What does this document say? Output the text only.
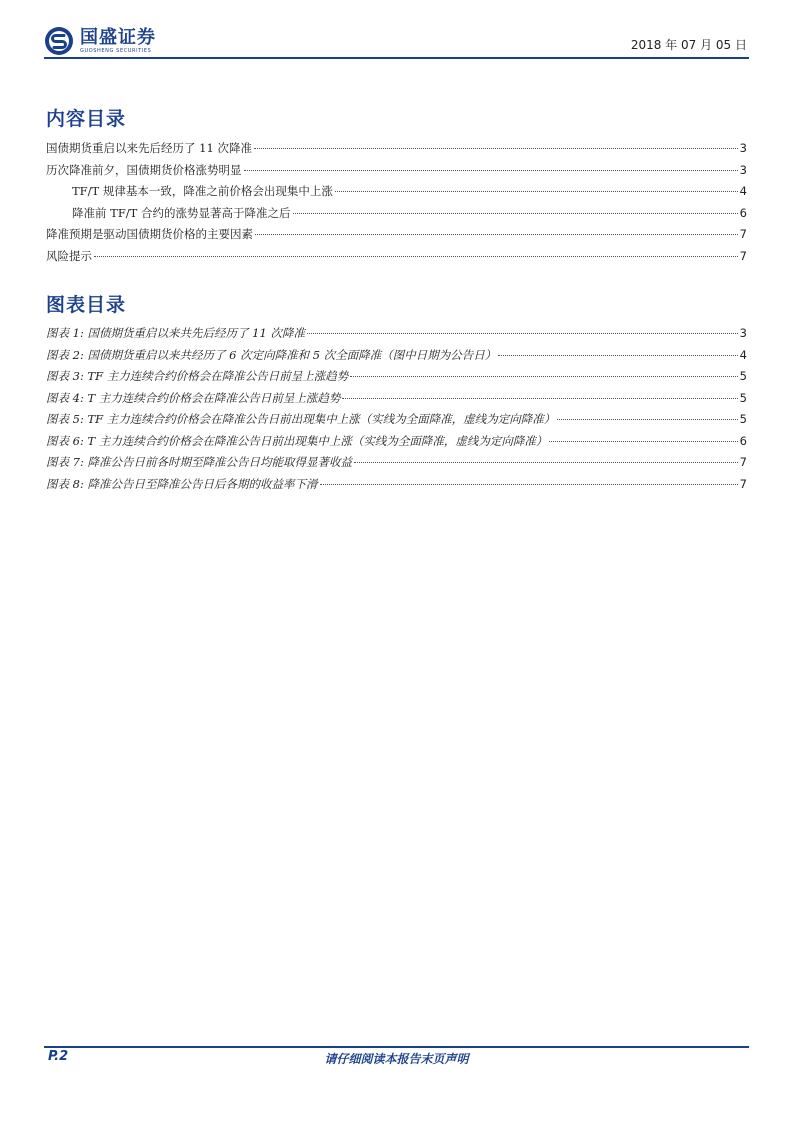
国盛证券
GUOSHENG SECURITIES	2018 年 07 月 05 日
内容目录
国债期货重启以来先后经历了 11 次降准	3
历次降准前夕，国债期货价格涨势明显	3
TF/T 规律基本一致，降准之前价格会出现集中上涨	4
降准前 TF/T 合约的涨势显著高于降准之后	6
降准预期是驱动国债期货价格的主要因素	7
风险提示	7
图表目录
图表 1: 国债期货重启以来共先后经历了 11 次降准	3
图表 2: 国债期货重启以来共经历了 6 次定向降准和 5 次全面降准（图中日期为公告日）	4
图表 3: TF 主力连续合约价格会在降准公告日前呈上涨趋势	5
图表 4: T 主力连续合约价格会在降准公告日前呈上涨趋势	5
图表 5: TF 主力连续合约价格会在降准公告日前出现集中上涨（实线为全面降准，虚线为定向降准）	5
图表 6: T 主力连续合约价格会在降准公告日前出现集中上涨（实线为全面降准，虚线为定向降准）	6
图表 7: 降准公告日前各时期至降准公告日均能取得显著收益	7
图表 8: 降准公告日至降准公告日后各期的收益率下滑	7
P.2	请仔细阅读本报告末页声明
